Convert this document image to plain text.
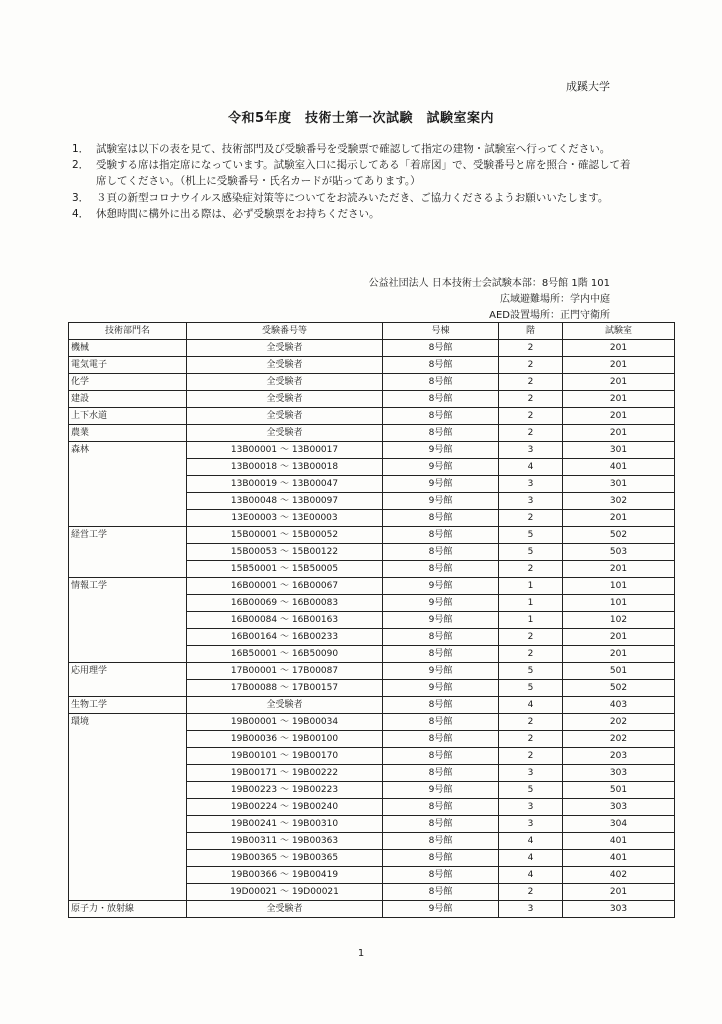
成蹊大学
令和5年度　技術士第一次試験　試験室案内
1． 試験室は以下の表を見て、技術部門及び受験番号を受験票で確認して指定の建物・試験室へ行ってください。
2． 受験する席は指定席になっています。試験室入口に掲示してある「着席図」で、受験番号と席を照合・確認して着席してください。（机上に受験番号・氏名カードが貼ってあります。）
3． ３頁の新型コロナウイルス感染症対策等についてをお読みいただき、ご協力くださるようお願いいたします。
4． 休憩時間に構外に出る際は、必ず受験票をお持ちください。
公益社団法人 日本技術士会試験本部：8号館 1階 101
広域避難場所：学内中庭
AED設置場所：正門守衛所
技術部門名	受験番号等	号棟	階	試験室
機械	全受験者	8号館	2	201
電気電子	全受験者	8号館	2	201
化学	全受験者	8号館	2	201
建設	全受験者	8号館	2	201
上下水道	全受験者	8号館	2	201
農業	全受験者	8号館	2	201
森林	13B00001 ～ 13B00017	9号館	3	301
	13B00018 ～ 13B00018	9号館	4	401
	13B00019 ～ 13B00047	9号館	3	301
	13B00048 ～ 13B00097	9号館	3	302
	13E00003 ～ 13E00003	8号館	2	201
経営工学	15B00001 ～ 15B00052	8号館	5	502
	15B00053 ～ 15B00122	8号館	5	503
	15B50001 ～ 15B50005	8号館	2	201
情報工学	16B00001 ～ 16B00067	9号館	1	101
	16B00069 ～ 16B00083	9号館	1	101
	16B00084 ～ 16B00163	9号館	1	102
	16B00164 ～ 16B00233	8号館	2	201
	16B50001 ～ 16B50090	8号館	2	201
応用理学	17B00001 ～ 17B00087	9号館	5	501
	17B00088 ～ 17B00157	9号館	5	502
生物工学	全受験者	8号館	4	403
環境	19B00001 ～ 19B00034	8号館	2	202
	19B00036 ～ 19B00100	8号館	2	202
	19B00101 ～ 19B00170	8号館	2	203
	19B00171 ～ 19B00222	8号館	3	303
	19B00223 ～ 19B00223	9号館	5	501
	19B00224 ～ 19B00240	8号館	3	303
	19B00241 ～ 19B00310	8号館	3	304
	19B00311 ～ 19B00363	8号館	4	401
	19B00365 ～ 19B00365	8号館	4	401
	19B00366 ～ 19B00419	8号館	4	402
	19D00021 ～ 19D00021	8号館	2	201
原子力・放射線	全受験者	9号館	3	303
1
